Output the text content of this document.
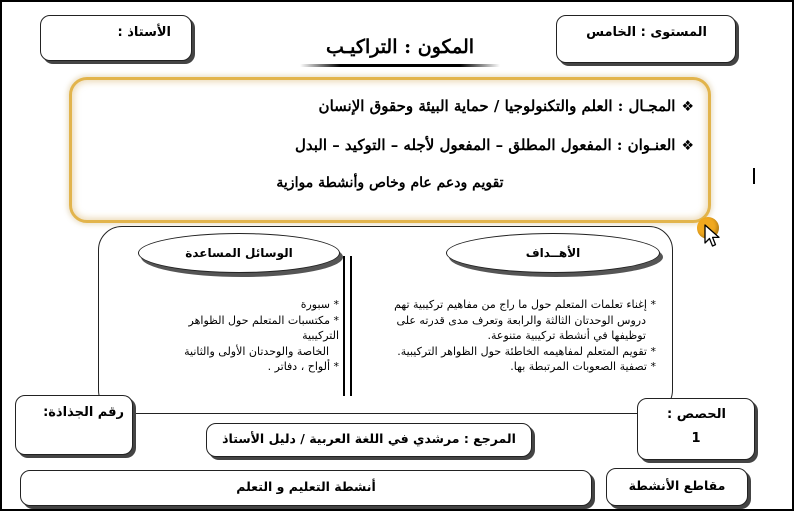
المستوى : الخامس
الأستاذ :
المكون : التراكيـب
❖المجـال : العلم والتكنولوجيا / حماية البيئة وحقوق الإنسان
❖العنـوان : المفعول المطلق – المفعول لأجله – التوكيد – البدل
تقويم ودعم عام وخاص وأنشطة موازية
الأهــداف
الوسائل المساعدة
* إغناء تعلمات المتعلم حول ما راج من مفاهيم تركيبية تهم
دروس الوحدتان الثالثة والرابعة وتعرف مدى قدرته على
توظيفها في أنشطة تركيبية متنوعة.
* تقويم المتعلم لمفاهيمه الخاطئة حول الظواهر التركيبية.
* تصفية الصعوبات المرتبطة بها.
* سبورة
* مكتسبات المتعلم حول الظواهر التركيبية
الخاصة والوحدتان الأولى والثانية
* ألواح ، دفاتر .
رقم الجذاذة:	الحصص :
1
المرجع : مرشدي في اللغة العربية / دليل الأستاذ
أنشطة التعليم و التعلم	مقاطع الأنشطة
